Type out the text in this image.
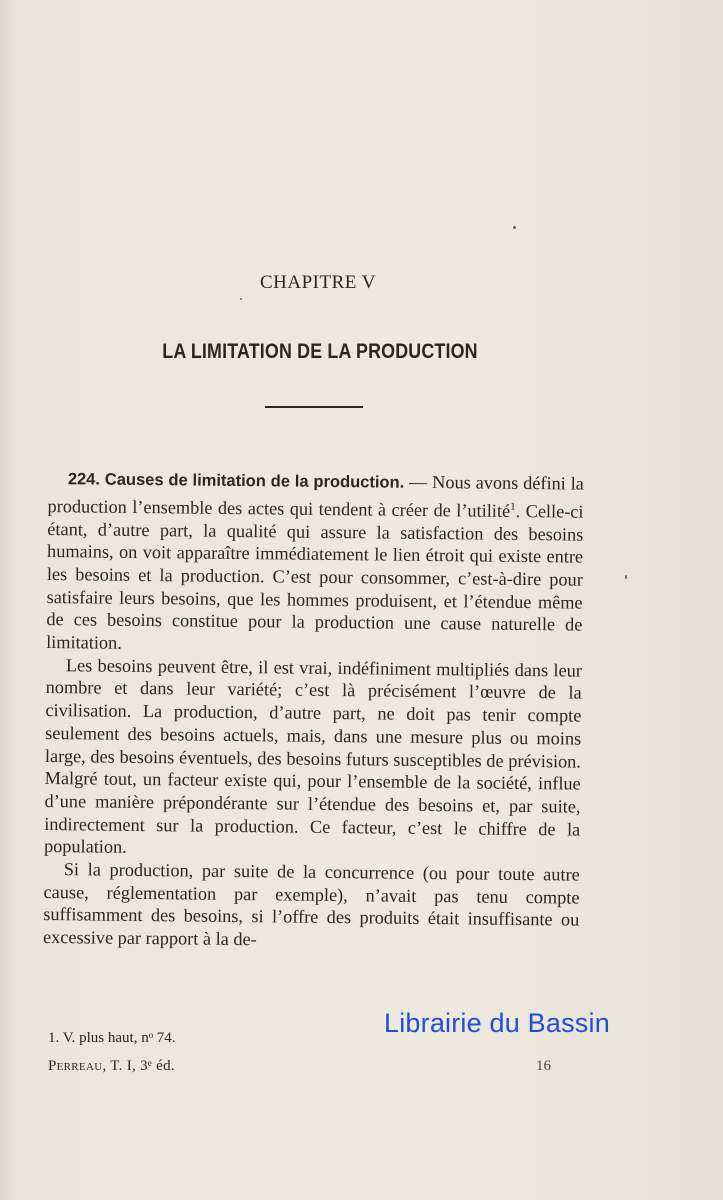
CHAPITRE V
LA LIMITATION DE LA PRODUCTION

224. Causes de limitation de la production. — Nous avons défini la production l’ensemble des actes qui tendent à créer de l’utilité$^1$. Celle-ci étant, d’autre part, la qualité qui assure la satisfaction des besoins humains, on voit apparaître immédiatement le lien étroit qui existe entre les besoins et la production. C’est pour consommer, c’est-à-dire pour satisfaire leurs besoins, que les hommes produisent, et l’étendue même de ces besoins constitue pour la production une cause naturelle de limitation.

Les besoins peuvent être, il est vrai, indéfiniment multipliés dans leur nombre et dans leur variété; c’est là précisément l’œuvre de la civilisation. La production, d’autre part, ne doit pas tenir compte seulement des besoins actuels, mais, dans une mesure plus ou moins large, des besoins éventuels, des besoins futurs susceptibles de prévision. Malgré tout, un facteur existe qui, pour l’ensemble de la société, influe d’une manière prépondérante sur l’étendue des besoins et, par suite, indirectement sur la production. Ce facteur, c’est le chiffre de la population.

Si la production, par suite de la concurrence (ou pour toute autre cause, réglementation par exemple), n’avait pas tenu compte suffisamment des besoins, si l’offre des produits était insuffisante ou excessive par rapport à la de-

1. V. plus haut, nᵒ 74.
Perreau, T. I, 3ᵉ éd.	16
Librairie du Bassin
